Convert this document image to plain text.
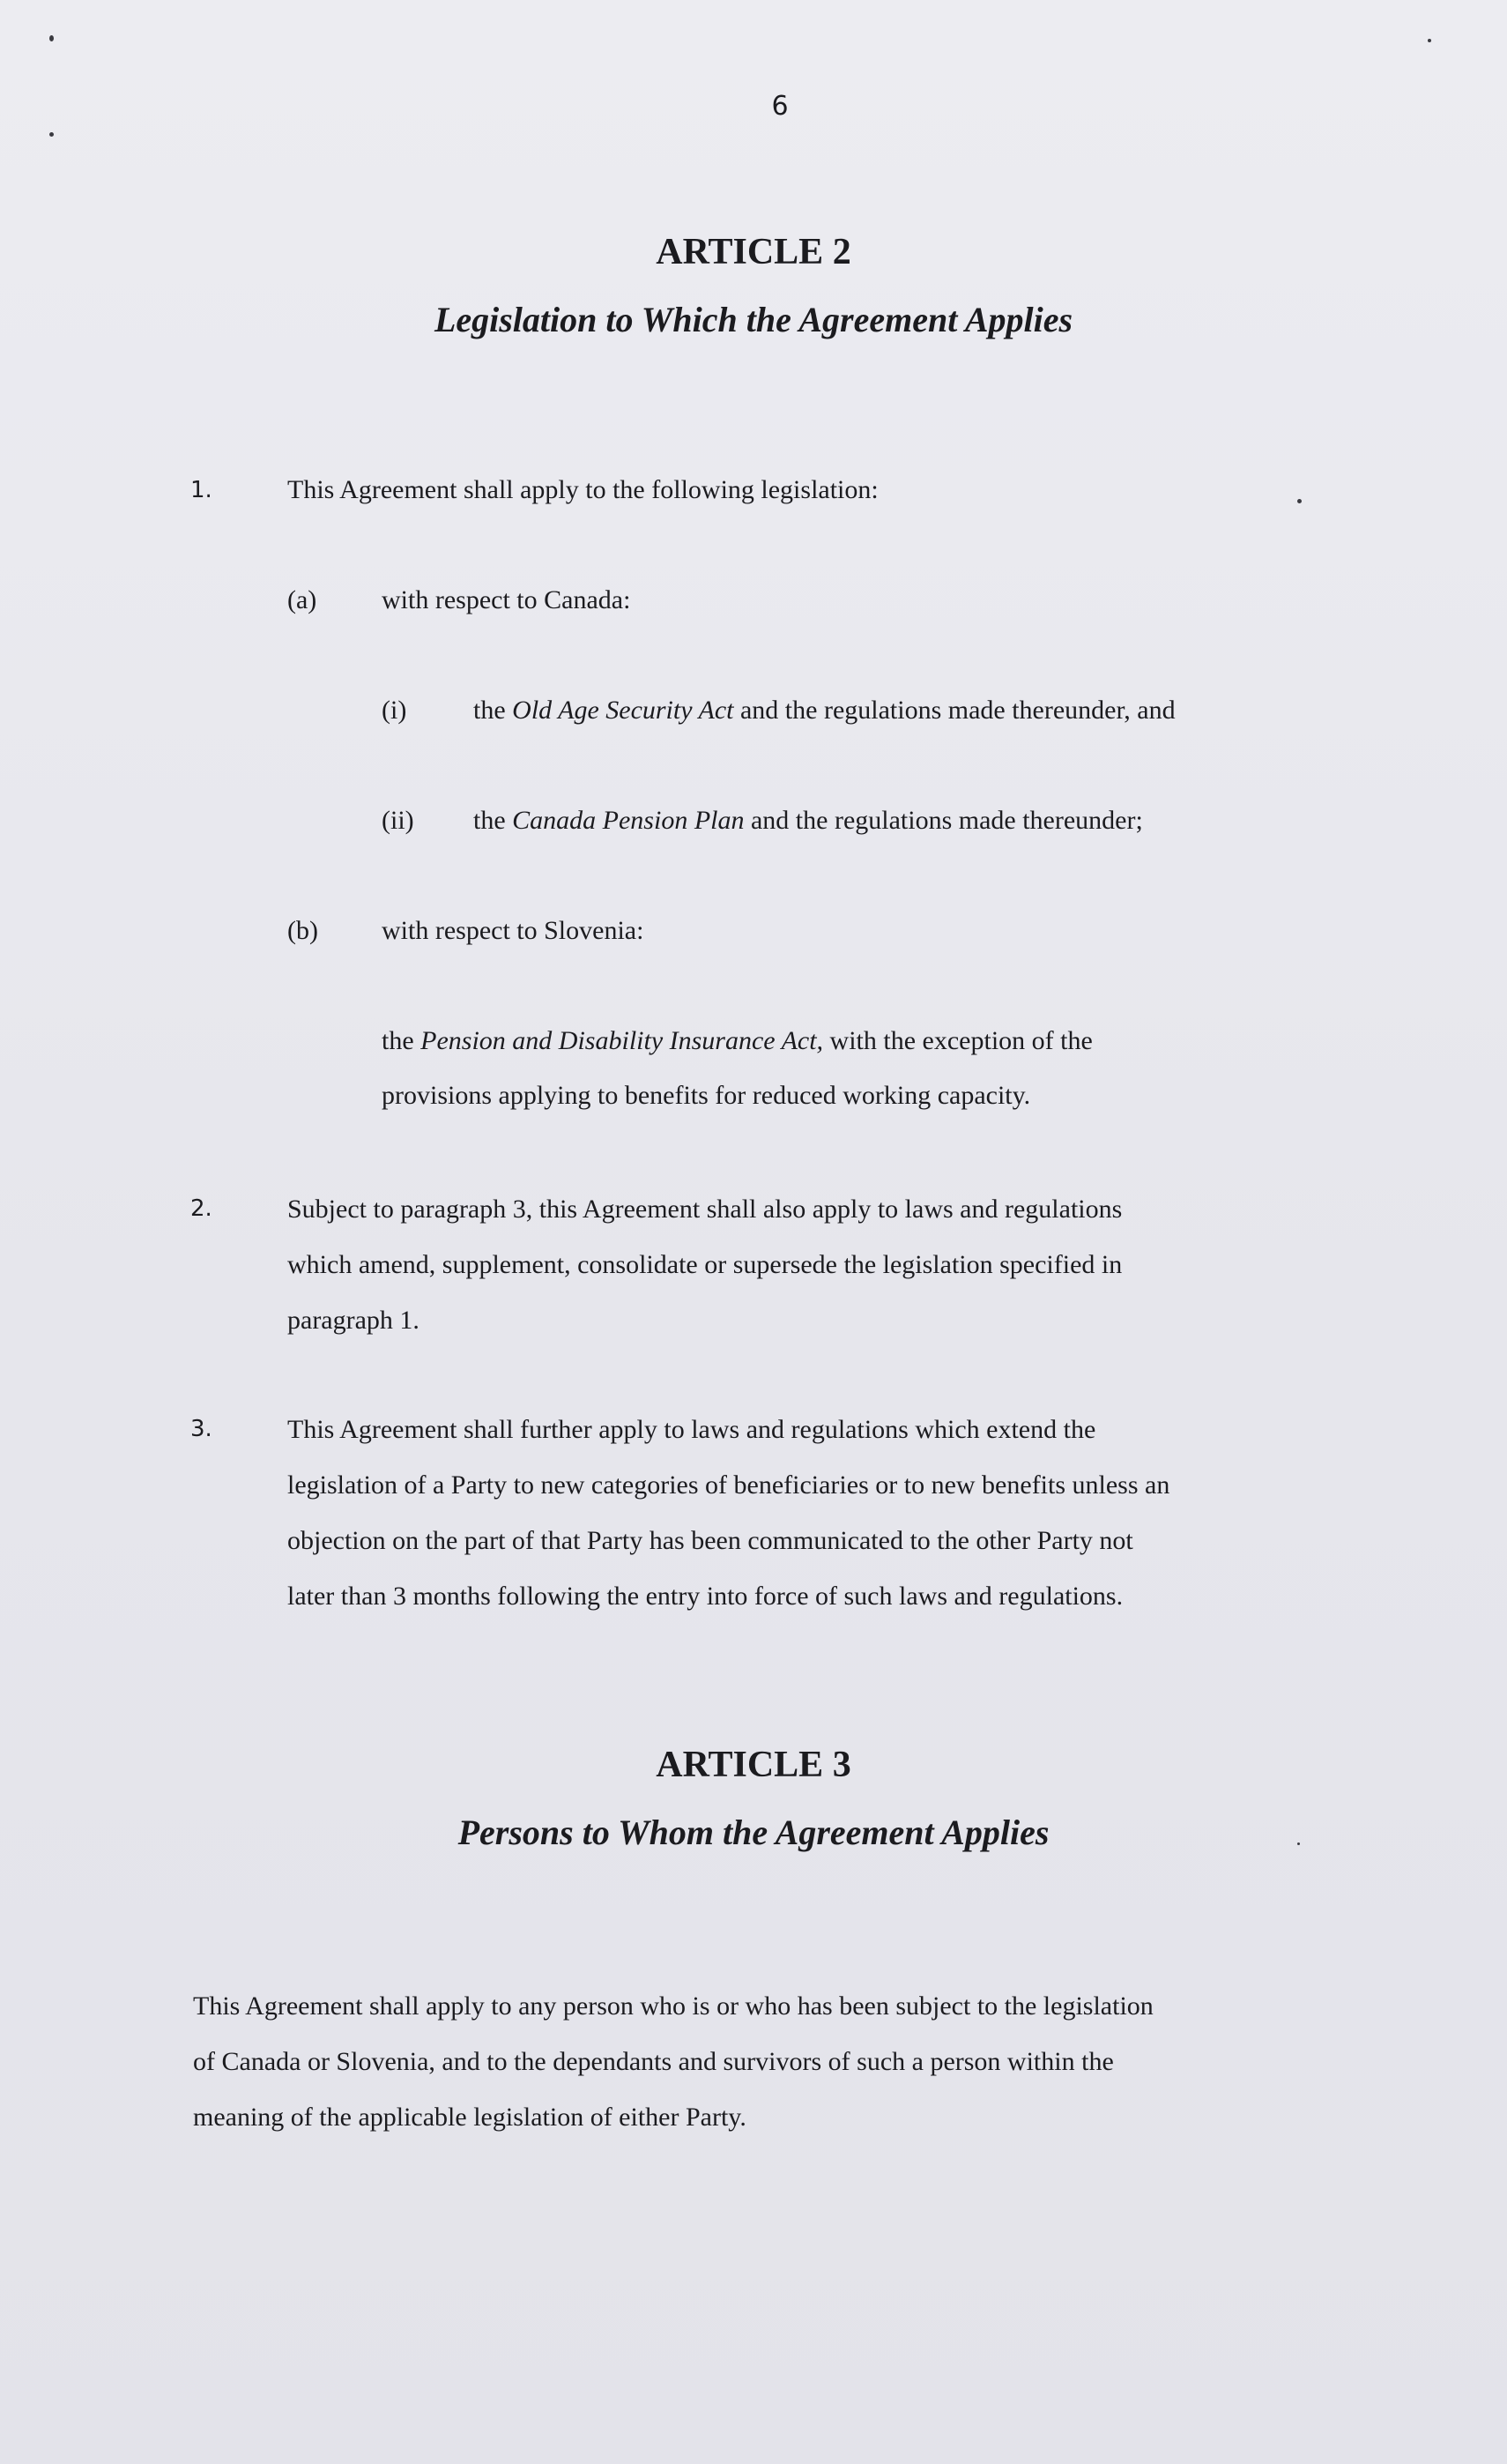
6
ARTICLE 2
Legislation to Which the Agreement Applies
1.	This Agreement shall apply to the following legislation:
(a) with respect to Canada:
(i)	the Old Age Security Act and the regulations made thereunder, and
(ii) the Canada Pension Plan and the regulations made thereunder;
(b) with respect to Slovenia:
the Pension and Disability Insurance Act, with the exception of the
provisions applying to benefits for reduced working capacity.
2.	Subject to paragraph 3, this Agreement shall also apply to laws and regulations
which amend, supplement, consolidate or supersede the legislation specified in
paragraph 1.
3.	This Agreement shall further apply to laws and regulations which extend the
legislation of a Party to new categories of beneficiaries or to new benefits unless an
objection on the part of that Party has been communicated to the other Party not
later than 3 months following the entry into force of such laws and regulations.
ARTICLE 3
Persons to Whom the Agreement Applies
This Agreement shall apply to any person who is or who has been subject to the legislation
of Canada or Slovenia, and to the dependants and survivors of such a person within the
meaning of the applicable legislation of either Party.
